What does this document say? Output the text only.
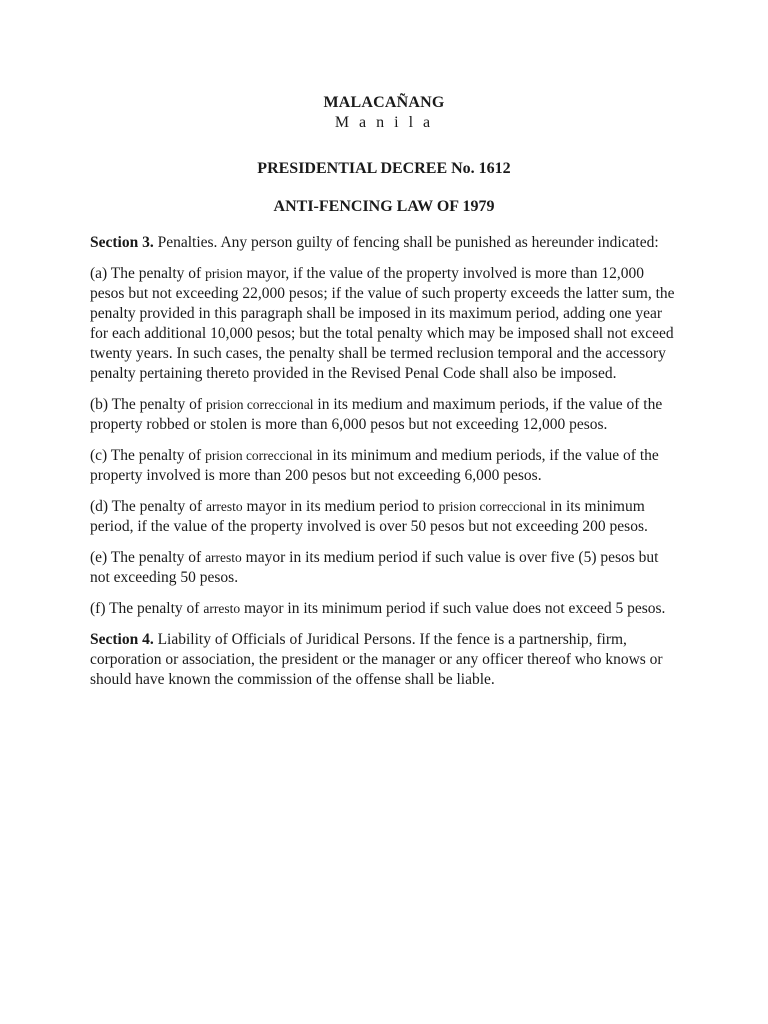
MALACAÑANG

M a n i l a

PRESIDENTIAL DECREE No. 1612

ANTI-FENCING LAW OF 1979

Section 3. Penalties. Any person guilty of fencing shall be punished as hereunder indicated:

(a) The penalty of prision mayor, if the value of the property involved is more than 12,000 pesos but not exceeding 22,000 pesos; if the value of such property exceeds the latter sum, the penalty provided in this paragraph shall be imposed in its maximum period, adding one year for each additional 10,000 pesos; but the total penalty which may be imposed shall not exceed twenty years. In such cases, the penalty shall be termed reclusion temporal and the accessory penalty pertaining thereto provided in the Revised Penal Code shall also be imposed.

(b) The penalty of prision correccional in its medium and maximum periods, if the value of the property robbed or stolen is more than 6,000 pesos but not exceeding 12,000 pesos.

(c) The penalty of prision correccional in its minimum and medium periods, if the value of the property involved is more than 200 pesos but not exceeding 6,000 pesos.

(d) The penalty of arresto mayor in its medium period to prision correccional in its minimum period, if the value of the property involved is over 50 pesos but not exceeding 200 pesos.

(e) The penalty of arresto mayor in its medium period if such value is over five (5) pesos but not exceeding 50 pesos.

(f) The penalty of arresto mayor in its minimum period if such value does not exceed 5 pesos.

Section 4. Liability of Officials of Juridical Persons. If the fence is a partnership, firm, corporation or association, the president or the manager or any officer thereof who knows or should have known the commission of the offense shall be liable.
